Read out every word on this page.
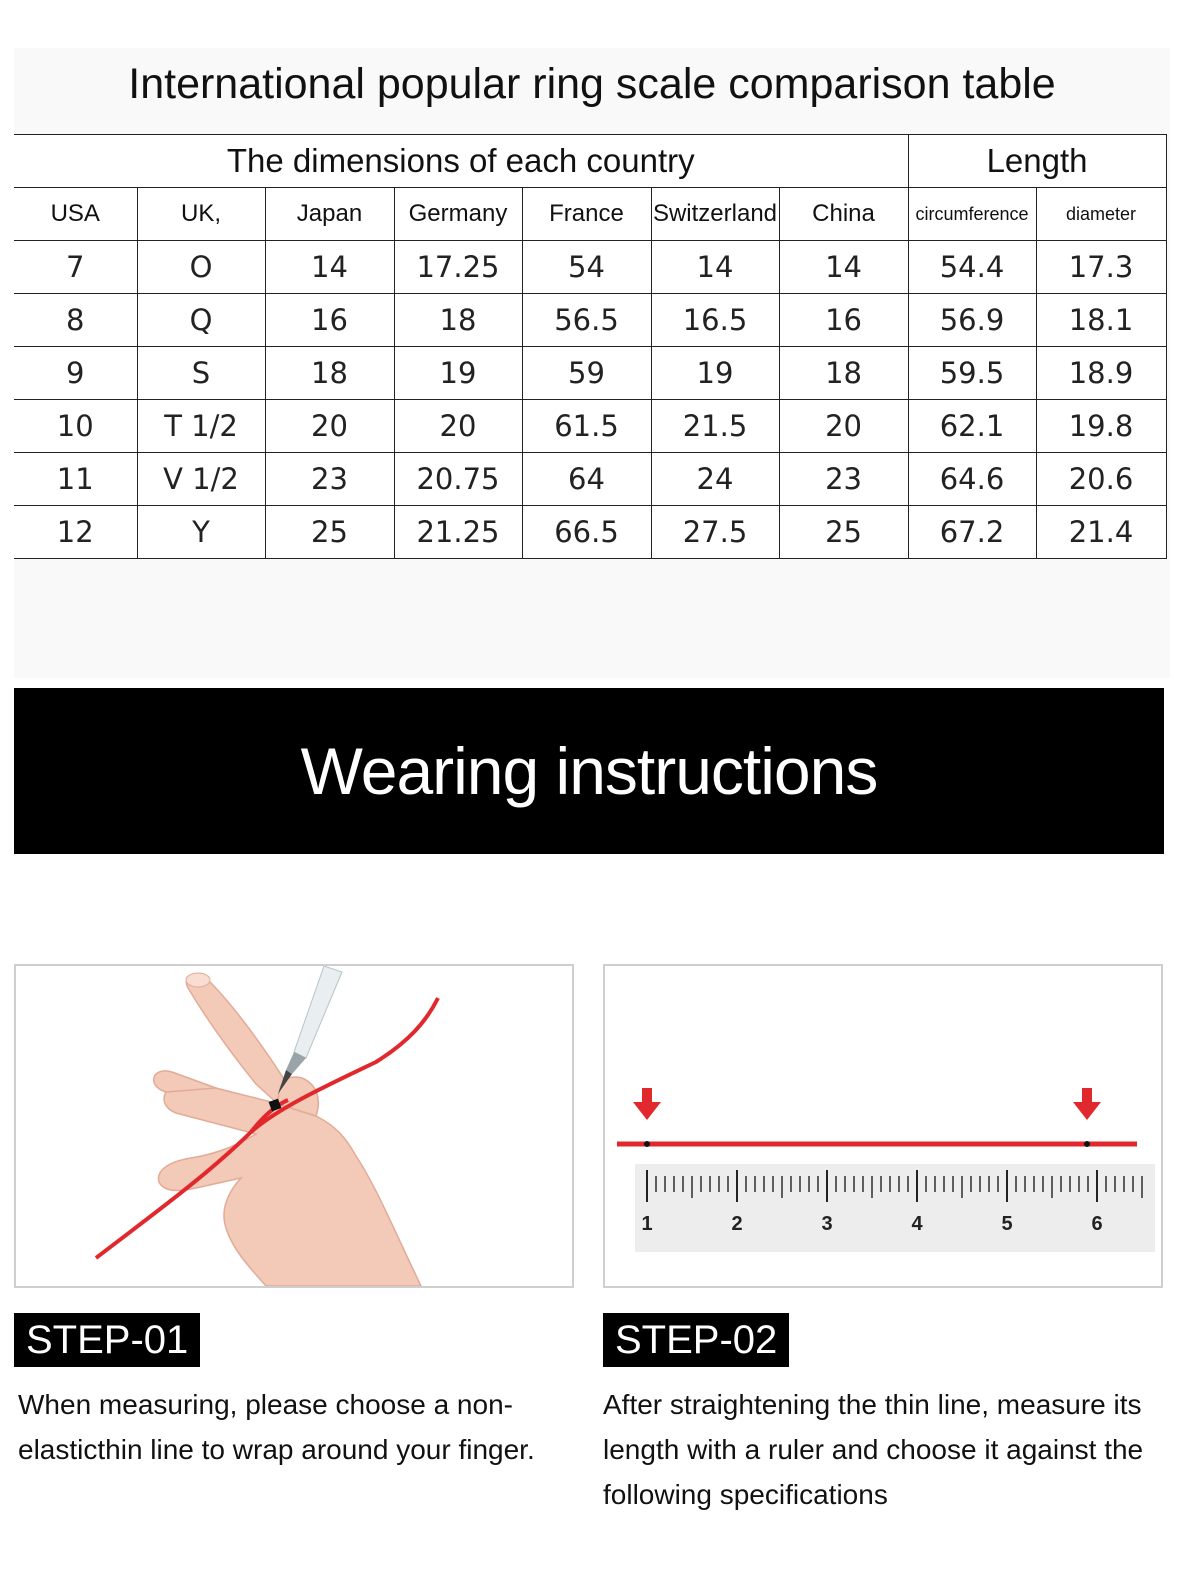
International popular ring scale comparison table
The dimensions of each country							Length	
USA	UK,	Japan	Germany	France	Switzerland	China	circumference	diameter
7	O	14	17.25	54	14	14	54.4	17.3
8	Q	16	18	56.5	16.5	16	56.9	18.1
9	S	18	19	59	19	18	59.5	18.9
10	T 1/2	20	20	61.5	21.5	20	62.1	19.8
11	V 1/2	23	20.75	64	24	23	64.6	20.6
12	Y	25	21.25	66.5	27.5	25	67.2	21.4
Wearing instructions
1	2	3	4	5	6
STEP-01
When measuring, please choose a non-elasticthin line to wrap around your finger.
STEP-02
After straightening the thin line, measure its length with a ruler and choose it against the following specifications
